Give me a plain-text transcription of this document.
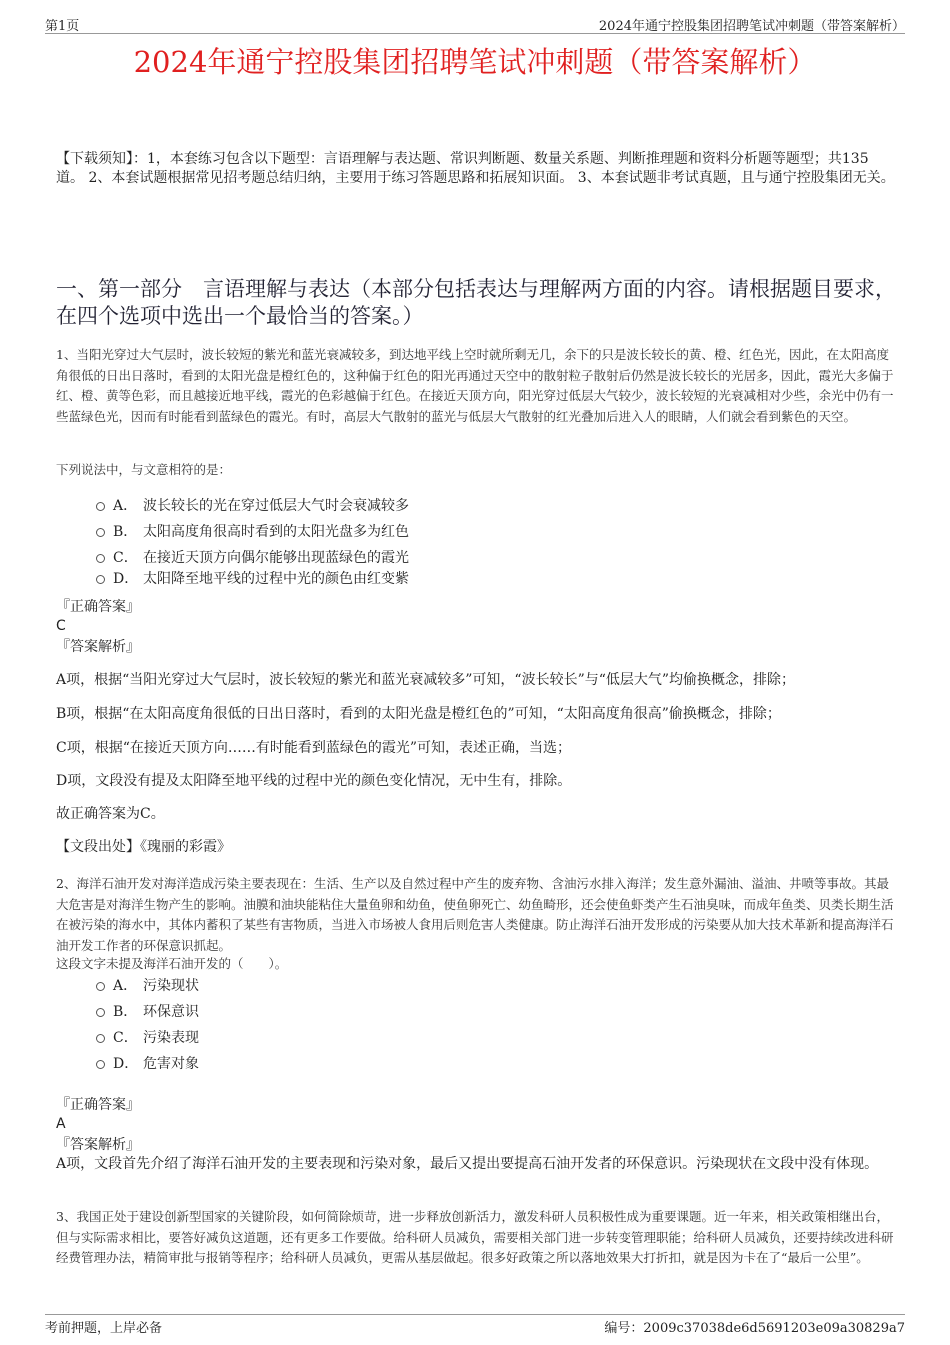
第1页	2024年通宁控股集团招聘笔试冲刺题（带答案解析）
2024年通宁控股集团招聘笔试冲刺题（带答案解析）
【下载须知】：1，本套练习包含以下题型：言语理解与表达题、常识判断题、数量关系题、判断推理题和资料分析题等题型；共135道。 2、本套试题根据常见招考题总结归纳，主要用于练习答题思路和拓展知识面。 3、本套试题非考试真题，且与通宁控股集团无关。
一、第一部分　言语理解与表达（本部分包括表达与理解两方面的内容。请根据题目要求，在四个选项中选出一个最恰当的答案。）
1、当阳光穿过大气层时，波长较短的紫光和蓝光衰减较多，到达地平线上空时就所剩无几，余下的只是波长较长的黄、橙、红色光，因此，在太阳高度角很低的日出日落时，看到的太阳光盘是橙红色的，这种偏于红色的阳光再通过天空中的散射粒子散射后仍然是波长较长的光居多，因此，霞光大多偏于红、橙、黄等色彩，而且越接近地平线，霞光的色彩越偏于红色。在接近天顶方向，阳光穿过低层大气较少，波长较短的光衰减相对少些，余光中仍有一些蓝绿色光，因而有时能看到蓝绿色的霞光。有时，高层大气散射的蓝光与低层大气散射的红光叠加后进入人的眼睛，人们就会看到紫色的天空。
下列说法中，与文意相符的是：
A． 波长较长的光在穿过低层大气时会衰减较多
B． 太阳高度角很高时看到的太阳光盘多为红色
C． 在接近天顶方向偶尔能够出现蓝绿色的霞光
D． 太阳降至地平线的过程中光的颜色由红变紫
『正确答案』
C
『答案解析』
A项，根据“当阳光穿过大气层时，波长较短的紫光和蓝光衰减较多”可知，“波长较长”与“低层大气”均偷换概念，排除；
B项，根据“在太阳高度角很低的日出日落时，看到的太阳光盘是橙红色的”可知，“太阳高度角很高”偷换概念，排除；
C项，根据“在接近天顶方向……有时能看到蓝绿色的霞光”可知，表述正确，当选；
D项，文段没有提及太阳降至地平线的过程中光的颜色变化情况，无中生有，排除。
故正确答案为C。
【文段出处】《瑰丽的彩霞》
2、海洋石油开发对海洋造成污染主要表现在：生活、生产以及自然过程中产生的废弃物、含油污水排入海洋；发生意外漏油、溢油、井喷等事故。其最大危害是对海洋生物产生的影响。油膜和油块能粘住大量鱼卵和幼鱼，使鱼卵死亡、幼鱼畸形，还会使鱼虾类产生石油臭味，而成年鱼类、贝类长期生活在被污染的海水中，其体内蓄积了某些有害物质，当进入市场被人食用后则危害人类健康。防止海洋石油开发形成的污染要从加大技术革新和提高海洋石油开发工作者的环保意识抓起。
这段文字未提及海洋石油开发的（　　）。
A． 污染现状
B． 环保意识
C． 污染表现
D． 危害对象
『正确答案』
A
『答案解析』
A项，文段首先介绍了海洋石油开发的主要表现和污染对象，最后又提出要提高石油开发者的环保意识。污染现状在文段中没有体现。
3、我国正处于建设创新型国家的关键阶段，如何简除烦苛，进一步释放创新活力，激发科研人员积极性成为重要课题。近一年来，相关政策相继出台，但与实际需求相比，要答好减负这道题，还有更多工作要做。给科研人员减负，需要相关部门进一步转变管理职能；给科研人员减负，还要持续改进科研经费管理办法，精简审批与报销等程序；给科研人员减负，更需从基层做起。很多好政策之所以落地效果大打折扣，就是因为卡在了“最后一公里”。
考前押题，上岸必备	编号：2009c37038de6d5691203e09a30829a7
